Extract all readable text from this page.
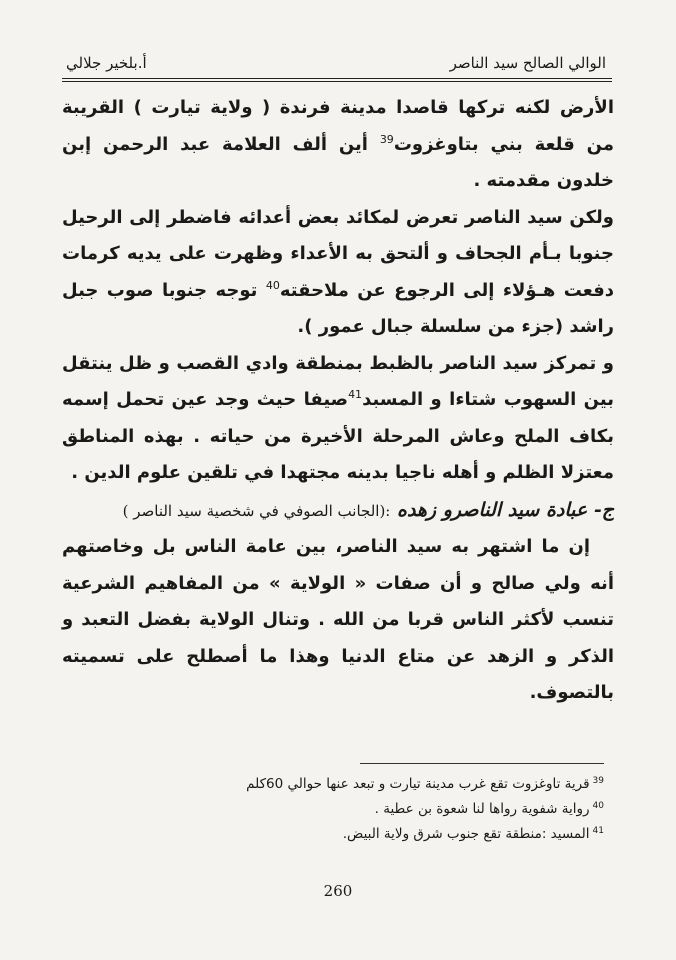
الوالي الصالح سيد الناصر
أ.بلخير جلالي

الأرض لكنه تركها قاصدا مدينة فرندة ( ولاية تيارت ) القريبة من قلعة بني بتاوغزوت$^{39}$ أين ألف العلامة عبد الرحمن إبن خلدون مقدمته .

ولكن سيد الناصر تعرض لمكائد بعض أعدائه فاضطر إلى الرحيل جنوبا بـأم الجحاف و ألتحق به الأعداء وظهرت على يديه كرمات دفعت هـؤلاء إلى الرجوع عن ملاحقته$^{40}$ توجه جنوبا صوب جبل راشد (جزء من سلسلة جبال عمور ).

و تمركز سيد الناصر بالظبط بمنطقة وادي القصب و ظل ينتقل بين السهوب شتاءا و المسبد$^{41}$صيفا حيث وجد عين تحمل إسمه بكاف الملح وعاش المرحلة الأخيرة من حياته . بهذه المناطق معتزلا الظلم و أهله ناجيا بدينه مجتهدا في تلقين علوم الدين .

ج- عبادة سيد الناصرو زهده :(الجانب الصوفي في شخصية سيد الناصر )

إن ما اشتهر به سيد الناصر، بين عامة الناس بل وخاصتهم أنه ولي صالح و أن صفات « الولاية » من المفاهيم الشرعية تنسب لأكثر الناس قربا من الله . وتنال الولاية بفضل التعبد و الذكر و الزهد عن متاع الدنيا وهذا ما أصطلح على تسميته بالتصوف.

$^{39}$قرية تاوغزوت تقع غرب مدينة تيارت و تبعد عنها حوالي 60كلم
$^{40}$رواية شفوية رواها لنا شعوة بن عطية .
$^{41}$المسيد :منطقة تقع جنوب شرق ولاية البيض.
260
